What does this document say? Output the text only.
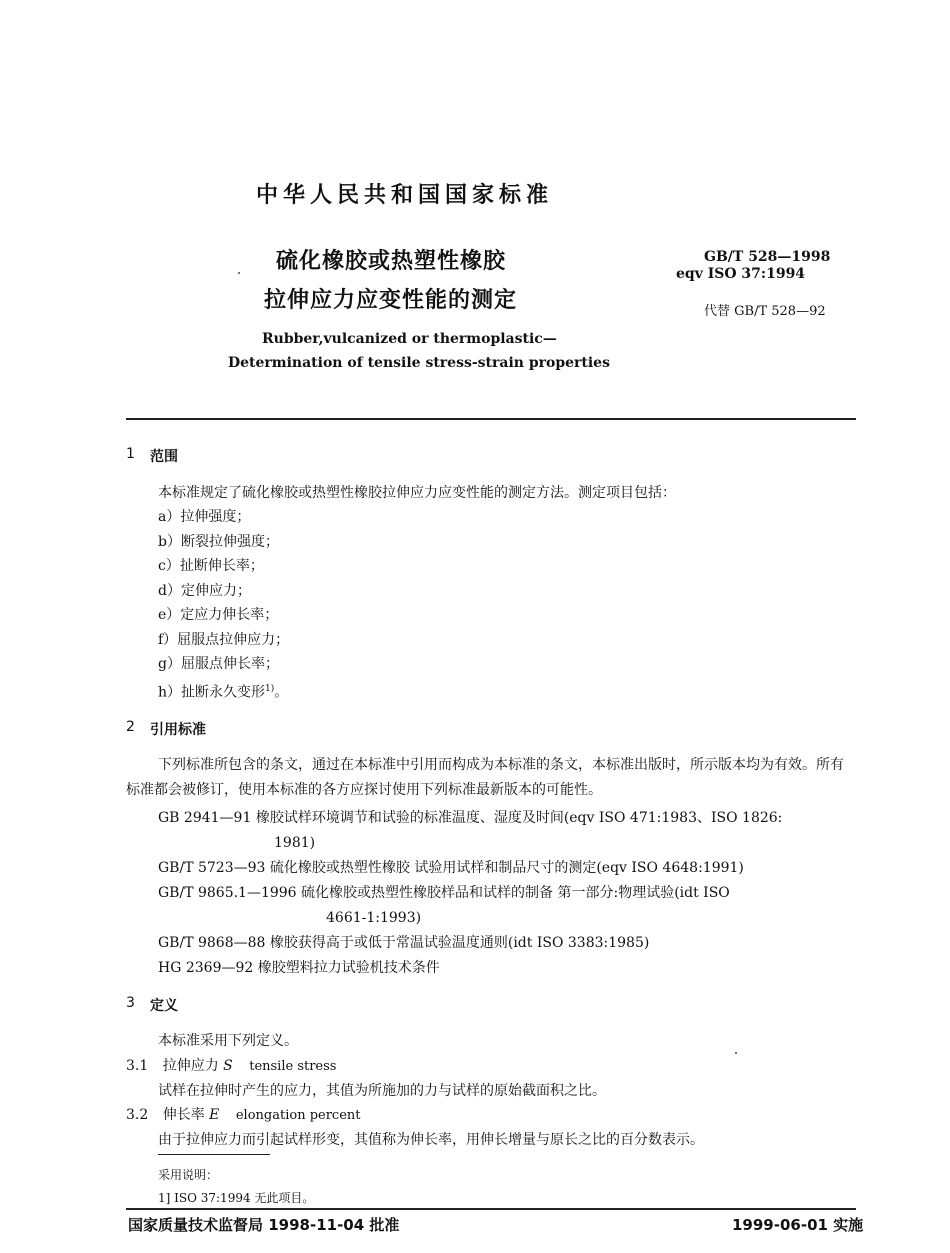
中华人民共和国国家标准
硫化橡胶或热塑性橡胶
拉伸应力应变性能的测定
GB/T 528—1998
eqv ISO 37:1994
代替 GB/T 528—92
Rubber,vulcanized or thermoplastic—
Determination of tensile stress-strain properties
1 范围
本标准规定了硫化橡胶或热塑性橡胶拉伸应力应变性能的测定方法。测定项目包括：
a）拉伸强度；
b）断裂拉伸强度；
c）扯断伸长率；
d）定伸应力；
e）定应力伸长率；
f）屈服点拉伸应力；
g）屈服点伸长率；
h）扯断永久变形$^{1)}$。
2 引用标准
下列标准所包含的条文，通过在本标准中引用而构成为本标准的条文，本标准出版时，所示版本均为有效。所有标准都会被修订，使用本标准的各方应探讨使用下列标准最新版本的可能性。
GB 2941—91 橡胶试样环境调节和试验的标准温度、湿度及时间(eqv ISO 471:1983、ISO 1826:
1981)
GB/T 5723—93 硫化橡胶或热塑性橡胶 试验用试样和制品尺寸的测定(eqv ISO 4648:1991)
GB/T 9865.1—1996 硫化橡胶或热塑性橡胶样品和试样的制备 第一部分:物理试验(idt ISO
4661-1:1993)
GB/T 9868—88 橡胶获得高于或低于常温试验温度通则(idt ISO 3383:1985)
HG 2369—92 橡胶塑料拉力试验机技术条件
3 定义
本标准采用下列定义。
3.1 拉伸应力 S tensile stress
试样在拉伸时产生的应力，其值为所施加的力与试样的原始截面积之比。
3.2 伸长率 E elongation percent
由于拉伸应力而引起试样形变，其值称为伸长率，用伸长增量与原长之比的百分数表示。
采用说明：
1] ISO 37:1994 无此项目。
国家质量技术监督局 1998-11-04 批准	1999-06-01 实施
